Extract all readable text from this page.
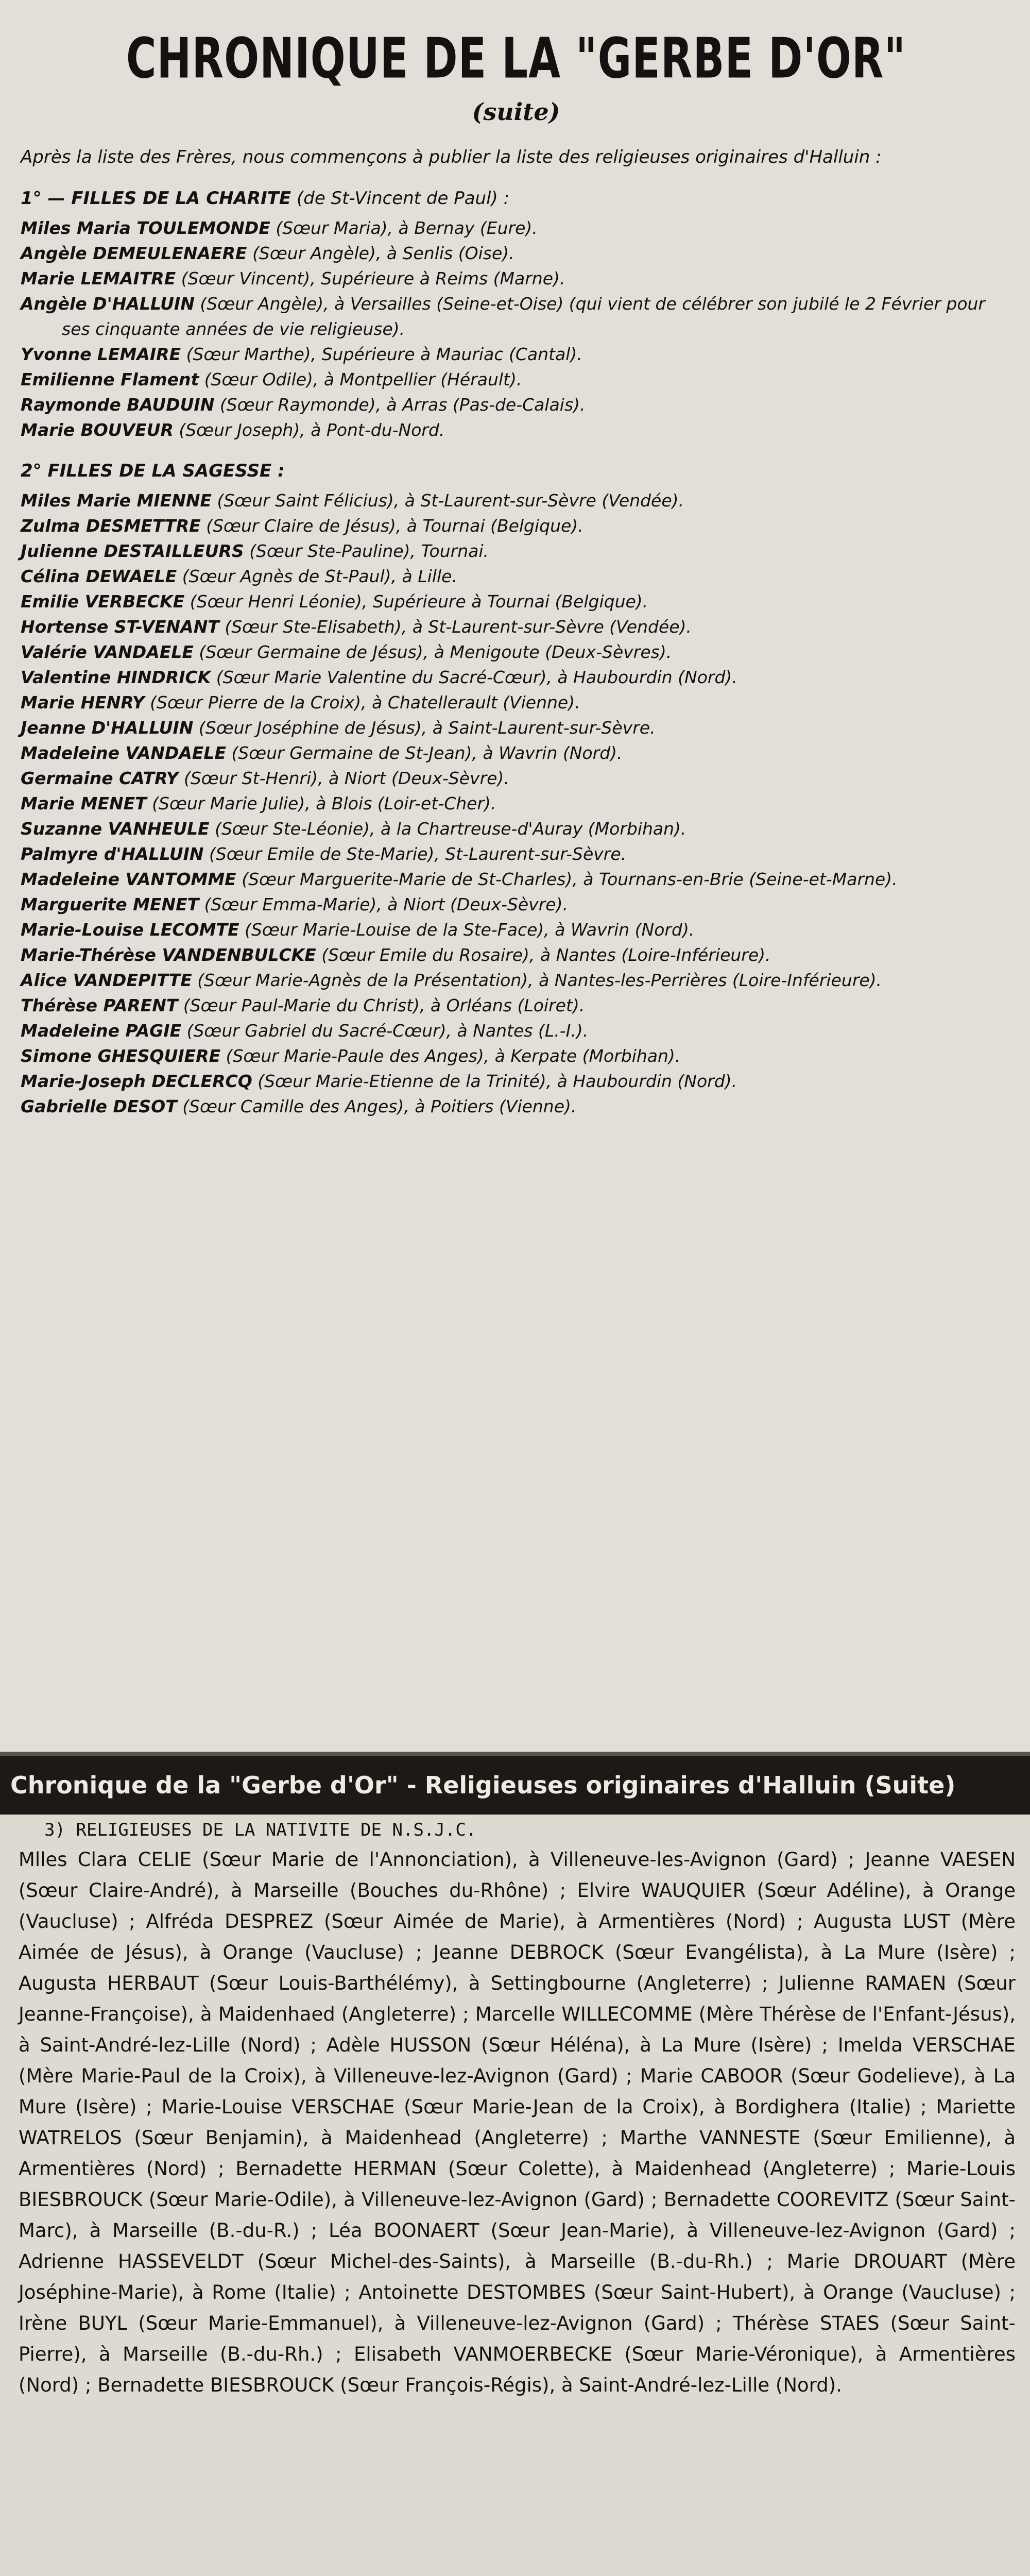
CHRONIQUE DE LA "GERBE D'OR"
(suite)

Après la liste des Frères, nous commençons à publier la liste des religieuses originaires d'Halluin :

1° — FILLES DE LA CHARITE (de St-Vincent de Paul) :
Miles Maria TOULEMONDE (Sœur Maria), à Bernay (Eure).
Angèle DEMEULENAERE (Sœur Angèle), à Senlis (Oise).
Marie LEMAITRE (Sœur Vincent), Supérieure à Reims (Marne).
Angèle D'HALLUIN (Sœur Angèle), à Versailles (Seine-et-Oise) (qui vient de célébrer son jubilé le 2 Février pour ses cinquante années de vie religieuse).
Yvonne LEMAIRE (Sœur Marthe), Supérieure à Mauriac (Cantal).
Emilienne Flament (Sœur Odile), à Montpellier (Hérault).
Raymonde BAUDUIN (Sœur Raymonde), à Arras (Pas-de-Calais).
Marie BOUVEUR (Sœur Joseph), à Pont-du-Nord.
2° FILLES DE LA SAGESSE :
Miles Marie MIENNE (Sœur Saint Félicius), à St-Laurent-sur-Sèvre (Vendée).
Zulma DESMETTRE (Sœur Claire de Jésus), à Tournai (Belgique).
Julienne DESTAILLEURS (Sœur Ste-Pauline), Tournai.
Célina DEWAELE (Sœur Agnès de St-Paul), à Lille.
Emilie VERBECKE (Sœur Henri Léonie), Supérieure à Tournai (Belgique).
Hortense ST-VENANT (Sœur Ste-Elisabeth), à St-Laurent-sur-Sèvre (Vendée).
Valérie VANDAELE (Sœur Germaine de Jésus), à Menigoute (Deux-Sèvres).
Valentine HINDRICK (Sœur Marie Valentine du Sacré-Cœur), à Haubourdin (Nord).
Marie HENRY (Sœur Pierre de la Croix), à Chatellerault (Vienne).
Jeanne D'HALLUIN (Sœur Joséphine de Jésus), à Saint-Laurent-sur-Sèvre.
Madeleine VANDAELE (Sœur Germaine de St-Jean), à Wavrin (Nord).
Germaine CATRY (Sœur St-Henri), à Niort (Deux-Sèvre).
Marie MENET (Sœur Marie Julie), à Blois (Loir-et-Cher).
Suzanne VANHEULE (Sœur Ste-Léonie), à la Chartreuse-d'Auray (Morbihan).
Palmyre d'HALLUIN (Sœur Emile de Ste-Marie), St-Laurent-sur-Sèvre.
Madeleine VANTOMME (Sœur Marguerite-Marie de St-Charles), à Tournans-en-Brie (Seine-et-Marne).
Marguerite MENET (Sœur Emma-Marie), à Niort (Deux-Sèvre).
Marie-Louise LECOMTE (Sœur Marie-Louise de la Ste-Face), à Wavrin (Nord).
Marie-Thérèse VANDENBULCKE (Sœur Emile du Rosaire), à Nantes (Loire-Inférieure).
Alice VANDEPITTE (Sœur Marie-Agnès de la Présentation), à Nantes-les-Perrières (Loire-Inférieure).
Thérèse PARENT (Sœur Paul-Marie du Christ), à Orléans (Loiret).
Madeleine PAGIE (Sœur Gabriel du Sacré-Cœur), à Nantes (L.-I.).
Simone GHESQUIERE (Sœur Marie-Paule des Anges), à Kerpate (Morbihan).
Marie-Joseph DECLERCQ (Sœur Marie-Etienne de la Trinité), à Haubourdin (Nord).
Gabrielle DESOT (Sœur Camille des Anges), à Poitiers (Vienne).
Chronique de la "Gerbe d'Or" - Religieuses originaires d'Halluin (Suite)
3) RELIGIEUSES DE LA NATIVITE DE N.S.J.C.

Mlles Clara CELIE (Sœur Marie de l'Annonciation), à Villeneuve-les-Avignon (Gard) ; Jeanne VAESEN (Sœur Claire-André), à Marseille (Bouches du-Rhône) ; Elvire WAUQUIER (Sœur Adéline), à Orange (Vaucluse) ; Alfréda DESPREZ (Sœur Aimée de Marie), à Armentières (Nord) ; Augusta LUST (Mère Aimée de Jésus), à Orange (Vaucluse) ; Jeanne DEBROCK (Sœur Evangélista), à La Mure (Isère) ; Augusta HERBAUT (Sœur Louis-Barthélémy), à Settingbourne (Angleterre) ; Julienne RAMAEN (Sœur Jeanne-Françoise), à Maidenhaed (Angleterre) ; Marcelle WILLECOMME (Mère Thérèse de l'Enfant-Jésus), à Saint-André-lez-Lille (Nord) ; Adèle HUSSON (Sœur Héléna), à La Mure (Isère) ; Imelda VERSCHAE (Mère Marie-Paul de la Croix), à Villeneuve-lez-Avignon (Gard) ; Marie CABOOR (Sœur Godelieve), à La Mure (Isère) ; Marie-Louise VERSCHAE (Sœur Marie-Jean de la Croix), à Bordighera (Italie) ; Mariette WATRELOS (Sœur Benjamin), à Maidenhead (Angleterre) ; Marthe VANNESTE (Sœur Emilienne), à Armentières (Nord) ; Bernadette HERMAN (Sœur Colette), à Maidenhead (Angleterre) ; Marie-Louis BIESBROUCK (Sœur Marie-Odile), à Villeneuve-lez-Avignon (Gard) ; Bernadette COOREVITZ (Sœur Saint-Marc), à Marseille (B.-du-R.) ; Léa BOONAERT (Sœur Jean-Marie), à Villeneuve-lez-Avignon (Gard) ; Adrienne HASSEVELDT (Sœur Michel-des-Saints), à Marseille (B.-du-Rh.) ; Marie DROUART (Mère Joséphine-Marie), à Rome (Italie) ; Antoinette DESTOMBES (Sœur Saint-Hubert), à Orange (Vaucluse) ; Irène BUYL (Sœur Marie-Emmanuel), à Villeneuve-lez-Avignon (Gard) ; Thérèse STAES (Sœur Saint-Pierre), à Marseille (B.-du-Rh.) ; Elisabeth VANMOERBECKE (Sœur Marie-Véronique), à Armentières (Nord) ; Bernadette BIESBROUCK (Sœur François-Régis), à Saint-André-lez-Lille (Nord).
